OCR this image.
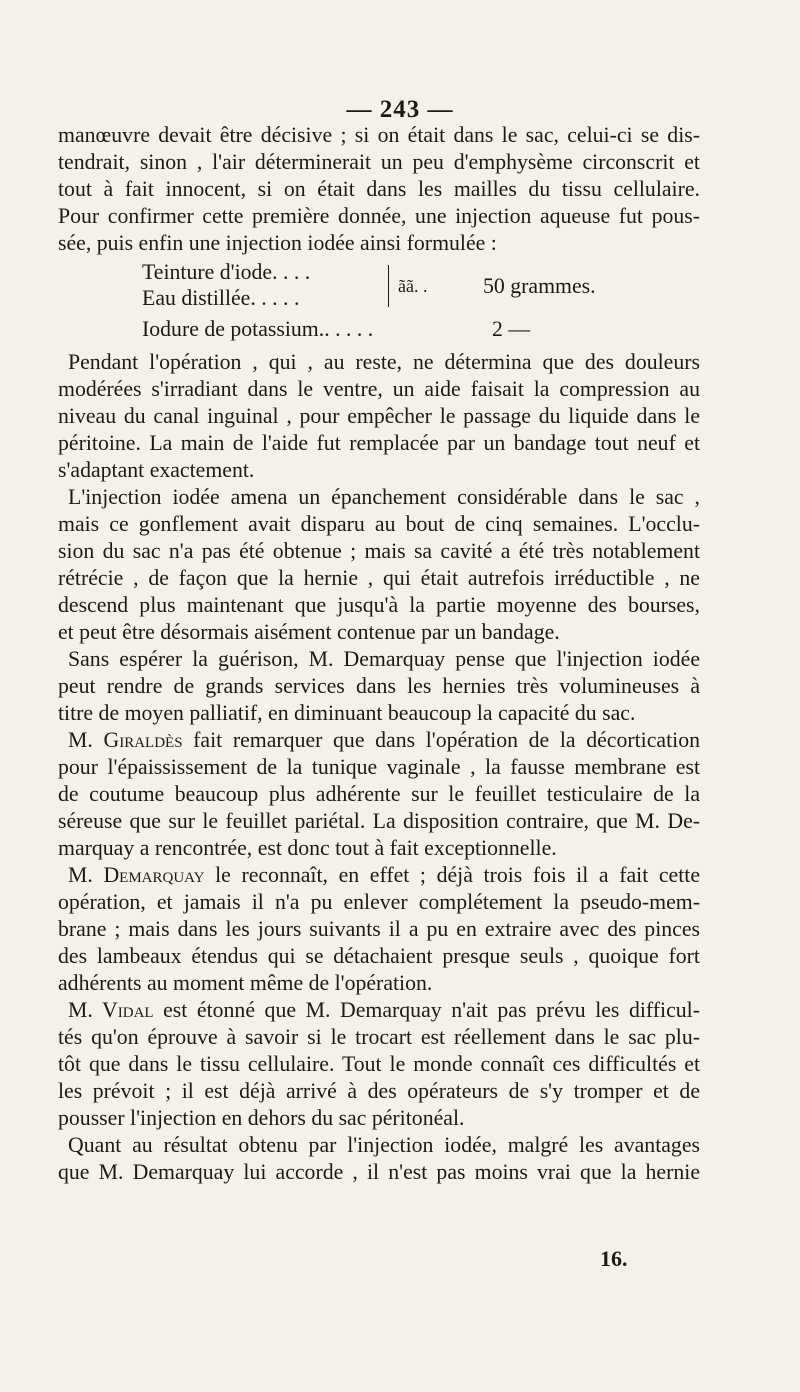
— 243 —
manœuvre devait être décisive ; si on était dans le sac, celui-ci se dis-
tendrait, sinon , l'air déterminerait un peu d'emphysème circonscrit et
tout à fait innocent, si on était dans les mailles du tissu cellulaire.
Pour confirmer cette première donnée, une injection aqueuse fut pous-
sée, puis enfin une injection iodée ainsi formulée :
Teinture d'iode. . . .
Eau distillée. . . . .
Iodure de potassium.. . . . .
ãã. .	50 grammes.
2 —
Pendant l'opération , qui , au reste, ne détermina que des douleurs
modérées s'irradiant dans le ventre, un aide faisait la compression au
niveau du canal inguinal , pour empêcher le passage du liquide dans le
péritoine. La main de l'aide fut remplacée par un bandage tout neuf et
s'adaptant exactement.
L'injection iodée amena un épanchement considérable dans le sac ,
mais ce gonflement avait disparu au bout de cinq semaines. L'occlu-
sion du sac n'a pas été obtenue ; mais sa cavité a été très notablement
rétrécie , de façon que la hernie , qui était autrefois irréductible , ne
descend plus maintenant que jusqu'à la partie moyenne des bourses,
et peut être désormais aisément contenue par un bandage.
Sans espérer la guérison, M. Demarquay pense que l'injection iodée
peut rendre de grands services dans les hernies très volumineuses à
titre de moyen palliatif, en diminuant beaucoup la capacité du sac.
M. Giraldès fait remarquer que dans l'opération de la décortication
pour l'épaississement de la tunique vaginale , la fausse membrane est
de coutume beaucoup plus adhérente sur le feuillet testiculaire de la
séreuse que sur le feuillet pariétal. La disposition contraire, que M. De-
marquay a rencontrée, est donc tout à fait exceptionnelle.
M. Demarquay le reconnaît, en effet ; déjà trois fois il a fait cette
opération, et jamais il n'a pu enlever complétement la pseudo-mem-
brane ; mais dans les jours suivants il a pu en extraire avec des pinces
des lambeaux étendus qui se détachaient presque seuls , quoique fort
adhérents au moment même de l'opération.
M. Vidal est étonné que M. Demarquay n'ait pas prévu les difficul-
tés qu'on éprouve à savoir si le trocart est réellement dans le sac plu-
tôt que dans le tissu cellulaire. Tout le monde connaît ces difficultés et
les prévoit ; il est déjà arrivé à des opérateurs de s'y tromper et de
pousser l'injection en dehors du sac péritonéal.
Quant au résultat obtenu par l'injection iodée, malgré les avantages
que M. Demarquay lui accorde , il n'est pas moins vrai que la hernie
16.
